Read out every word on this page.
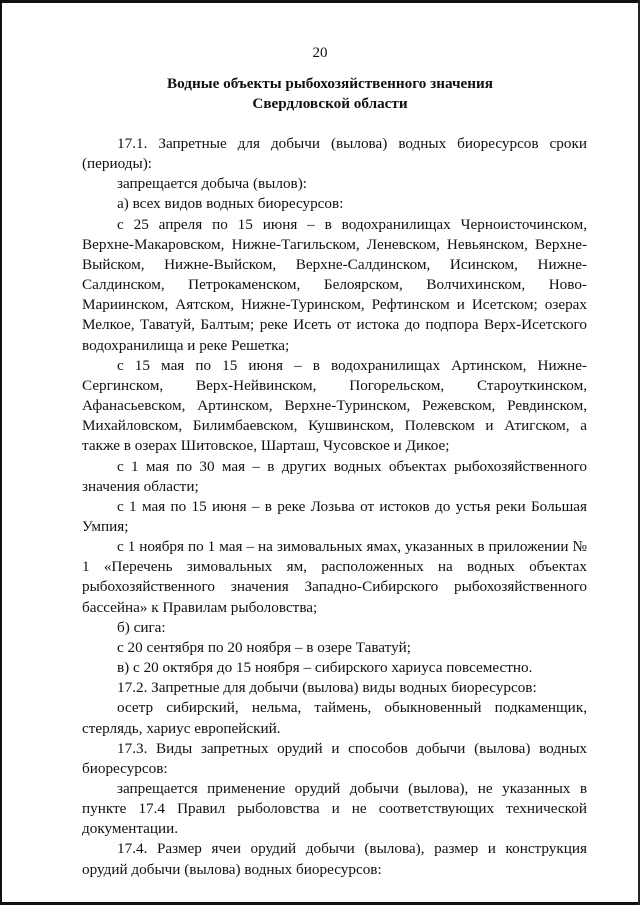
20
Водные объекты рыбохозяйственного значения
Свердловской области

17.1. Запретные для добычи (вылова) водных биоресурсов сроки (периоды):

запрещается добыча (вылов):

а) всех видов водных биоресурсов:

с 25 апреля по 15 июня – в водохранилищах Черноисточинском, Верхне-Макаровском, Нижне-Тагильском, Леневском, Невьянском, Верхне-Выйском, Нижне-Выйском, Верхне-Салдинском, Исинском, Нижне-Салдинском, Петрокаменском, Белоярском, Волчихинском, Ново-Мариинском, Аятском, Нижне-Туринском, Рефтинском и Исетском; озерах Мелкое, Таватуй, Балтым; реке Исеть от истока до подпора Верх-Исетского водохранилища и реке Решетка;

с 15 мая по 15 июня – в водохранилищах Артинском, Нижне-Сергинском, Верх-Нейвинском, Погорельском, Староуткинском, Афанасьевском, Артинском, Верхне-Туринском, Режевском, Ревдинском, Михайловском, Билимбаевском, Кушвинском, Полевском и Атигском, а также в озерах Шитовское, Шарташ, Чусовское и Дикое;

с 1 мая по 30 мая – в других водных объектах рыбохозяйственного значения области;

с 1 мая по 15 июня – в реке Лозьва от истоков до устья реки Большая Умпия;

с 1 ноября по 1 мая – на зимовальных ямах, указанных в приложении № 1 «Перечень зимовальных ям, расположенных на водных объектах рыбохозяйственного значения Западно-Сибирского рыбохозяйственного бассейна» к Правилам рыболовства;

б) сига:

с 20 сентября по 20 ноября – в озере Таватуй;

в) с 20 октября до 15 ноября – сибирского хариуса повсеместно.

17.2. Запретные для добычи (вылова) виды водных биоресурсов:

осетр сибирский, нельма, таймень, обыкновенный подкаменщик, стерлядь, хариус европейский.

17.3. Виды запретных орудий и способов добычи (вылова) водных биоресурсов:

запрещается применение орудий добычи (вылова), не указанных в пункте 17.4 Правил рыболовства и не соответствующих технической документации.

17.4. Размер ячеи орудий добычи (вылова), размер и конструкция орудий добычи (вылова) водных биоресурсов:
